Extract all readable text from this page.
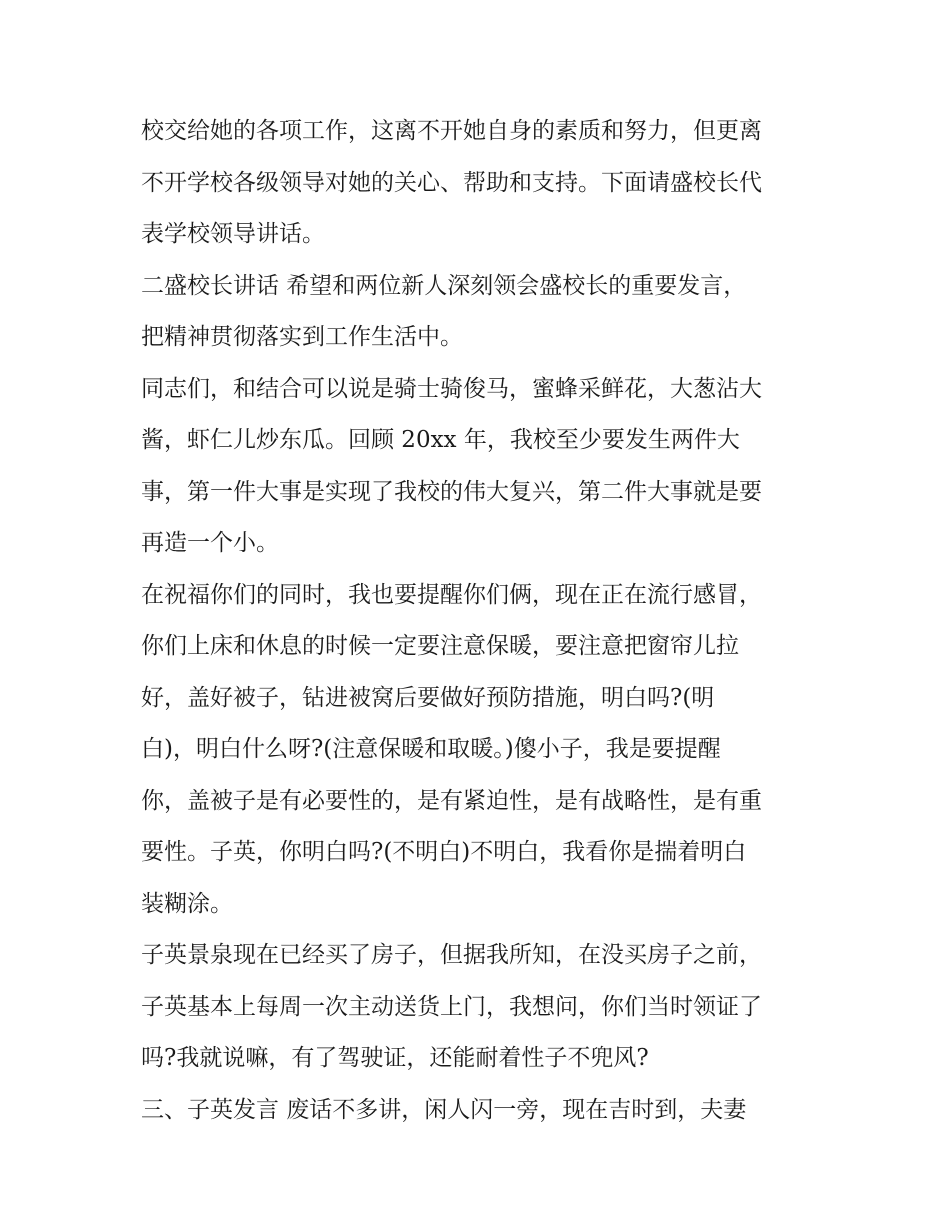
校交给她的各项工作，这离不开她自身的素质和努力，但更离
不开学校各级领导对她的关心、帮助和支持。下面请盛校长代
表学校领导讲话。
二盛校长讲话 希望和两位新人深刻领会盛校长的重要发言，
把精神贯彻落实到工作生活中。
同志们，和结合可以说是骑士骑俊马，蜜蜂采鲜花，大葱沾大
酱，虾仁儿炒东瓜。回顾 20xx 年，我校至少要发生两件大
事，第一件大事是实现了我校的伟大复兴，第二件大事就是要
再造一个小。
在祝福你们的同时，我也要提醒你们俩，现在正在流行感冒，
你们上床和休息的时候一定要注意保暖，要注意把窗帘儿拉
好，盖好被子，钻进被窝后要做好预防措施，明白吗?(明
白)，明白什么呀?(注意保暖和取暖。)傻小子，我是要提醒
你，盖被子是有必要性的，是有紧迫性，是有战略性，是有重
要性。子英，你明白吗?(不明白)不明白，我看你是揣着明白
装糊涂。
子英景泉现在已经买了房子，但据我所知，在没买房子之前，
子英基本上每周一次主动送货上门，我想问，你们当时领证了
吗?我就说嘛，有了驾驶证，还能耐着性子不兜风?
三、子英发言 废话不多讲，闲人闪一旁，现在吉时到，夫妻
